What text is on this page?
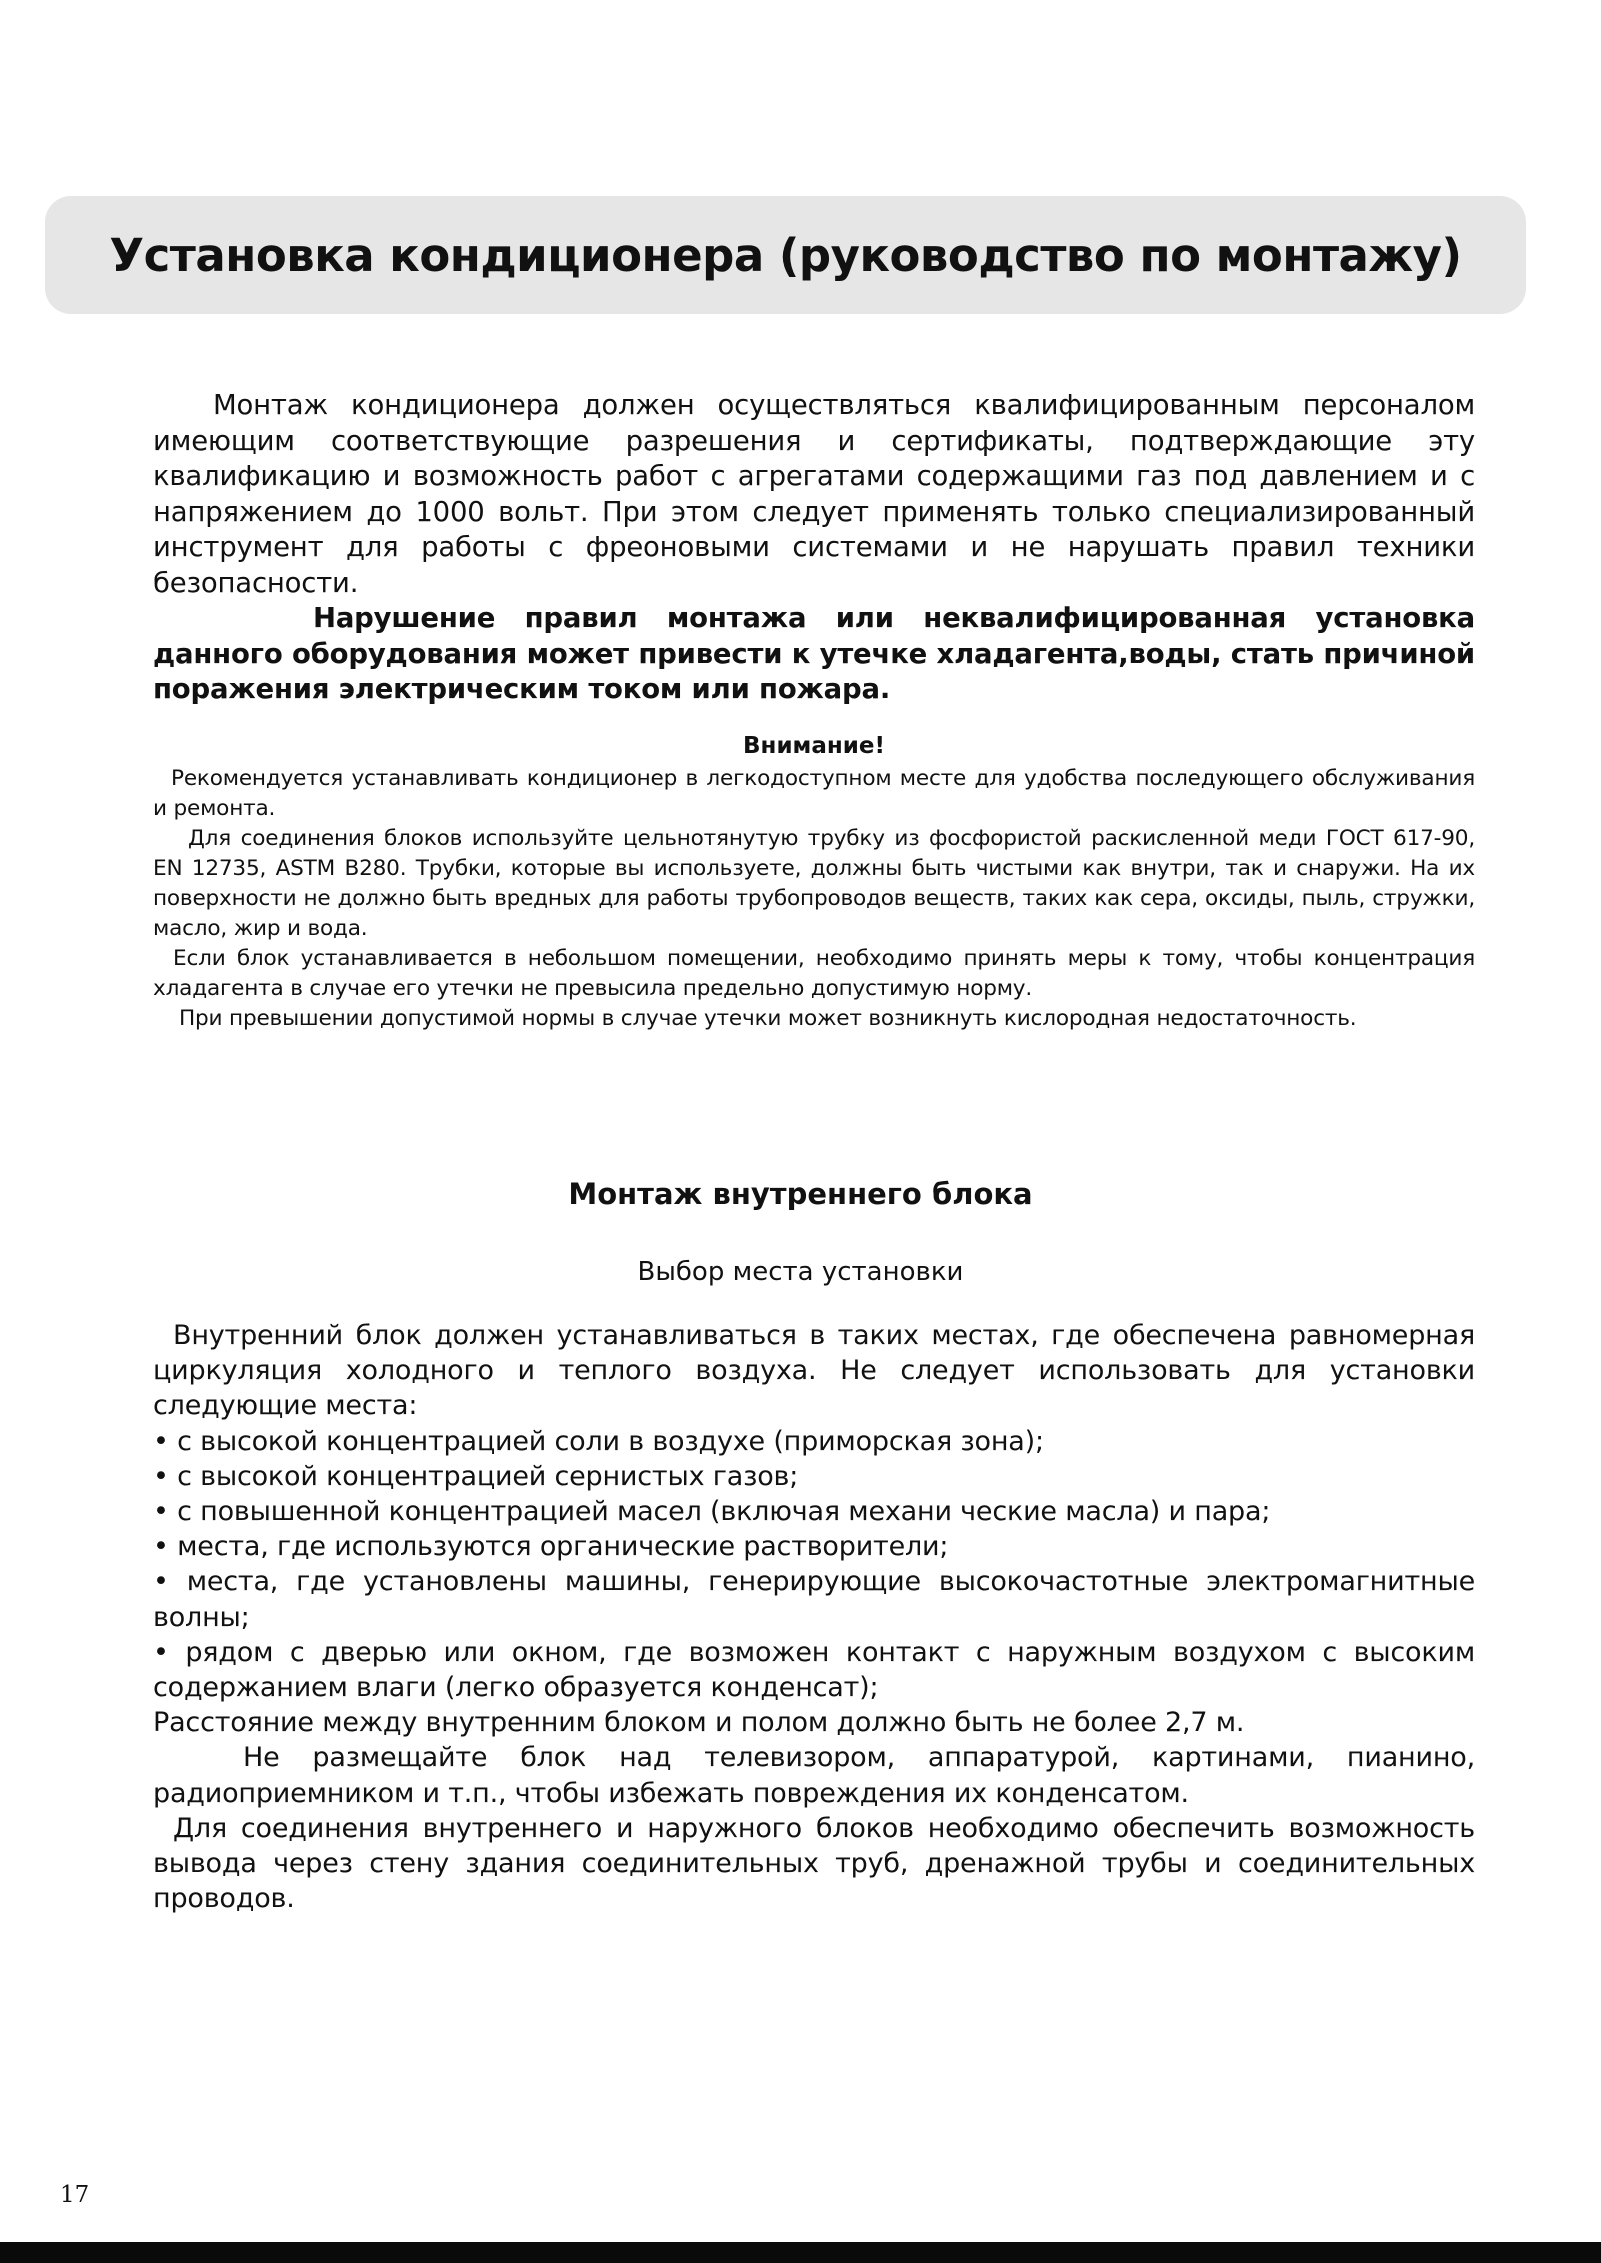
Установка кондиционера (руководство по монтажу)

Монтаж кондиционера должен осуществляться квалифицированным персоналом имеющим соответствующие разрешения и сертификаты, подтверждающие эту квалификацию и возможность работ с агрегатами содержащими газ под давлением и с напряжением до 1000 вольт. При этом следует применять только специализированный инструмент для работы с фреоновыми системами и не нарушать правил техники безопасности.

Нарушение правил монтажа или неквалифицированная установка данного оборудования может привести к утечке хладагента,воды, стать причиной поражения электрическим током или пожара.

Внимание!

Рекомендуется устанавливать кондиционер в легкодоступном месте для удобства последующего обслуживания и ремонта.

Для соединения блоков используйте цельнотянутую трубку из фосфористой раскисленной меди ГОСТ 617-90, EN 12735, ASTM B280. Трубки, которые вы используете, должны быть чистыми как внутри, так и снаружи. На их поверхности не должно быть вредных для работы трубопроводов веществ, таких как сера, оксиды, пыль, стружки, масло, жир и вода.

Если блок устанавливается в небольшом помещении, необходимо принять меры к тому, чтобы концентрация хладагента в случае его утечки не превысила предельно допустимую норму.

При превышении допустимой нормы в случае утечки может возникнуть кислородная недостаточность.

Монтаж внутреннего блока
Выбор места установки

Внутренний блок должен устанавливаться в таких местах, где обеспечена равномерная циркуляция холодного и теплого воздуха. Не следует использовать для установки следующие места:

• с высокой концентрацией соли в воздухе (приморская зона);
• с высокой концентрацией сернистых газов;
• с повышенной концентрацией масел (включая механи ческие масла) и пара;
• места, где используются органические растворители;
• места, где установлены машины, генерирующие высокочастотные электромагнитные волны;
• рядом с дверью или окном, где возможен контакт с наружным воздухом с высоким содержанием влаги (легко образуется конденсат);

Расстояние между внутренним блоком и полом должно быть не более 2,7 м.

Не размещайте блок над телевизором, аппаратурой, картинами, пианино, радиоприемником и т.п., чтобы избежать повреждения их конденсатом.

Для соединения внутреннего и наружного блоков необходимо обеспечить возможность вывода через стену здания соединительных труб, дренажной трубы и соединительных проводов.

17
